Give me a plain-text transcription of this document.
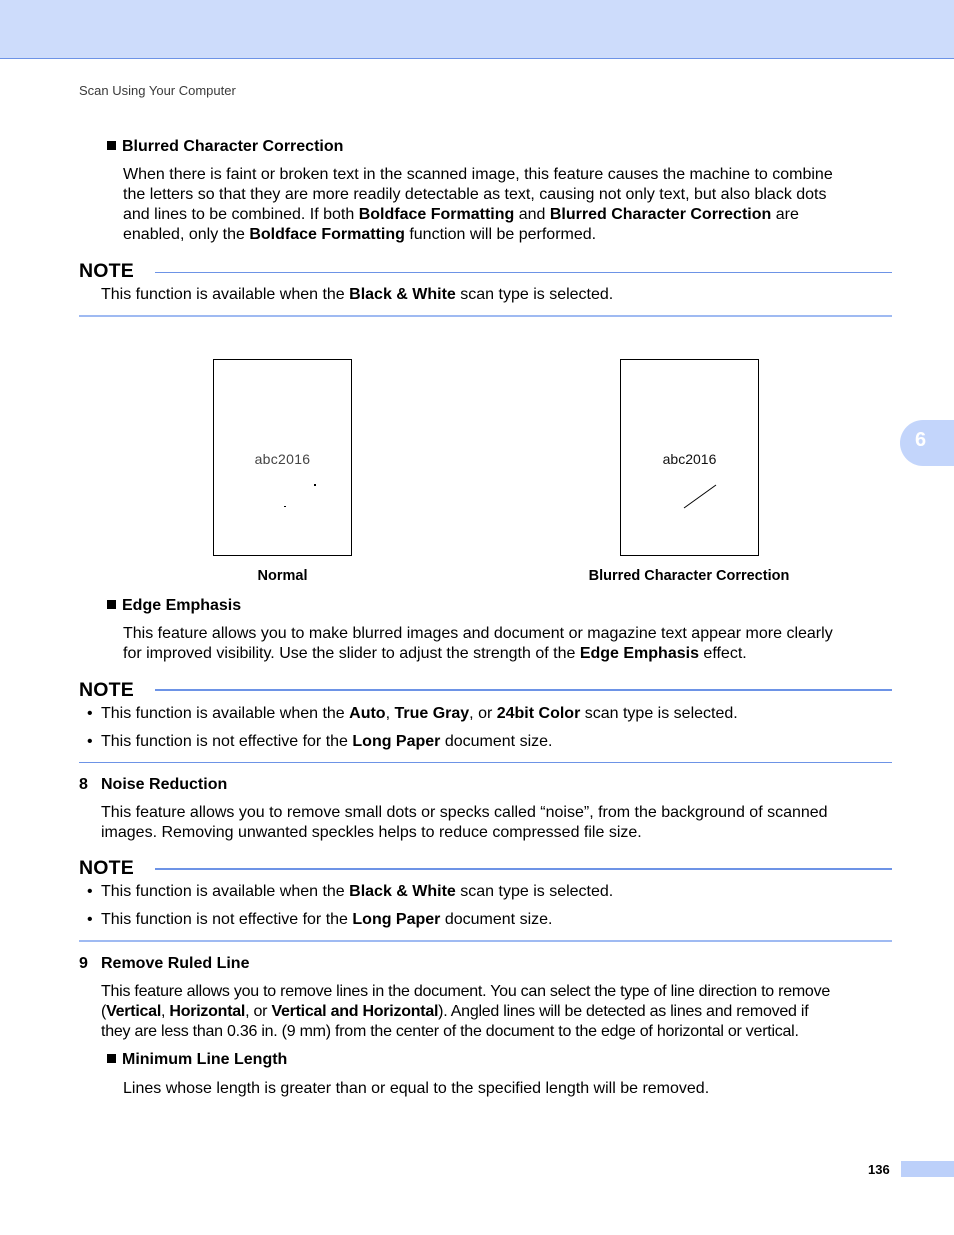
Scan Using Your Computer
6
Blurred Character Correction
When there is faint or broken text in the scanned image, this feature causes the machine to combine
the letters so that they are more readily detectable as text, causing not only text, but also black dots
and lines to be combined. If both Boldface Formatting and Blurred Character Correction are
enabled, only the Boldface Formatting function will be performed.
NOTE
This function is available when the Black & White scan type is selected.
abc2016	abc2016
Normal	Blurred Character Correction
Edge Emphasis
This feature allows you to make blurred images and document or magazine text appear more clearly
for improved visibility. Use the slider to adjust the strength of the Edge Emphasis effect.
NOTE
• This function is available when the Auto, True Gray, or 24bit Color scan type is selected.
• This function is not effective for the Long Paper document size.
8 Noise Reduction
This feature allows you to remove small dots or specks called “noise”, from the background of scanned
images. Removing unwanted speckles helps to reduce compressed file size.
NOTE
• This function is available when the Black & White scan type is selected.
• This function is not effective for the Long Paper document size.
9 Remove Ruled Line
This feature allows you to remove lines in the document. You can select the type of line direction to remove
(Vertical, Horizontal, or Vertical and Horizontal). Angled lines will be detected as lines and removed if
they are less than 0.36 in. (9 mm) from the center of the document to the edge of horizontal or vertical.
Minimum Line Length
Lines whose length is greater than or equal to the specified length will be removed.
136
